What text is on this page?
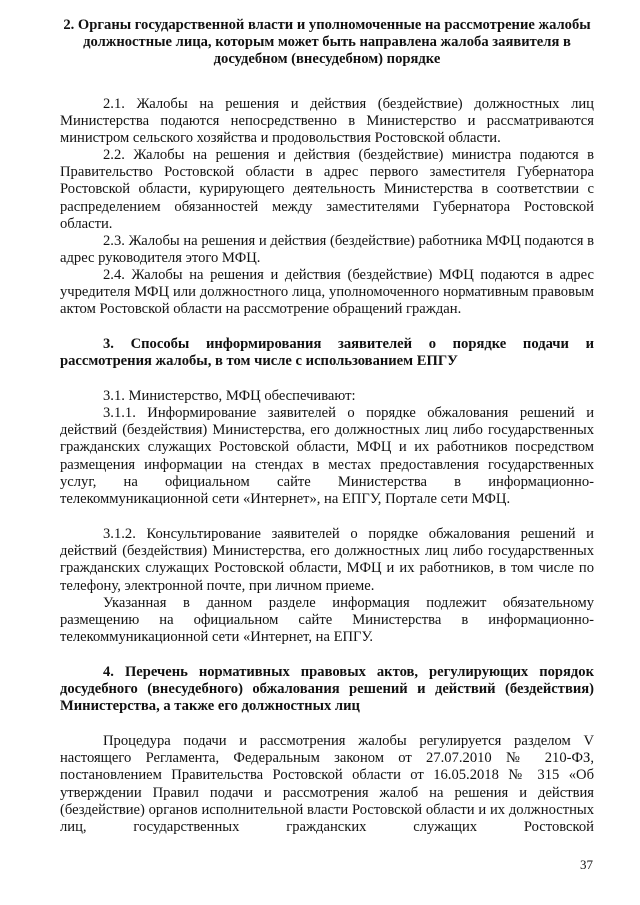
2. Органы государственной власти и уполномоченные на рассмотрение жалобы должностные лица, которым может быть направлена жалоба заявителя в досудебном (внесудебном) порядке

2.1. Жалобы на решения и действия (бездействие) должностных лиц Министерства подаются непосредственно в Министерство и рассматриваются министром сельского хозяйства и продовольствия Ростовской области.

2.2. Жалобы на решения и действия (бездействие) министра подаются в Правительство Ростовской области в адрес первого заместителя Губернатора Ростовской области, курирующего деятельность Министерства в соответствии с распределением обязанностей между заместителями Губернатора Ростовской области.

2.3. Жалобы на решения и действия (бездействие) работника МФЦ подаются в адрес руководителя этого МФЦ.

2.4. Жалобы на решения и действия (бездействие) МФЦ подаются в адрес учредителя МФЦ или должностного лица, уполномоченного нормативным правовым актом Ростовской области на рассмотрение обращений граждан.

3. Способы информирования заявителей о порядке подачи и
рассмотрения жалобы, в том числе с использованием ЕПГУ

3.1. Министерство, МФЦ обеспечивают:

3.1.1. Информирование заявителей о порядке обжалования решений и действий (бездействия) Министерства, его должностных лиц либо государственных гражданских служащих Ростовской области, МФЦ и их работников посредством размещения информации на стендах в местах предоставления государственных услуг, на официальном сайте Министерства в информационно-телекоммуникационной сети «Интернет», на ЕПГУ, Портале сети МФЦ.

3.1.2. Консультирование заявителей о порядке обжалования решений и действий (бездействия) Министерства, его должностных лиц либо государственных гражданских служащих Ростовской области, МФЦ и их работников, в том числе по телефону, электронной почте, при личном приеме.

Указанная в данном разделе информация подлежит обязательному размещению на официальном сайте Министерства в информационно-телекоммуникационной сети «Интернет, на ЕПГУ.

4. Перечень нормативных правовых актов, регулирующих порядок
досудебного (внесудебного) обжалования решений и действий (бездействия)
Министерства, а также его должностных лиц

Процедура подачи и рассмотрения жалобы регулируется разделом V настоящего Регламента, Федеральным законом от 27.07.2010 № 210-ФЗ, постановлением Правительства Ростовской области от 16.05.2018 № 315 «Об утверждении Правил подачи и рассмотрения жалоб на решения и действия (бездействие) органов исполнительной власти Ростовской области и их должностных лиц, государственных гражданских служащих Ростовской

37
